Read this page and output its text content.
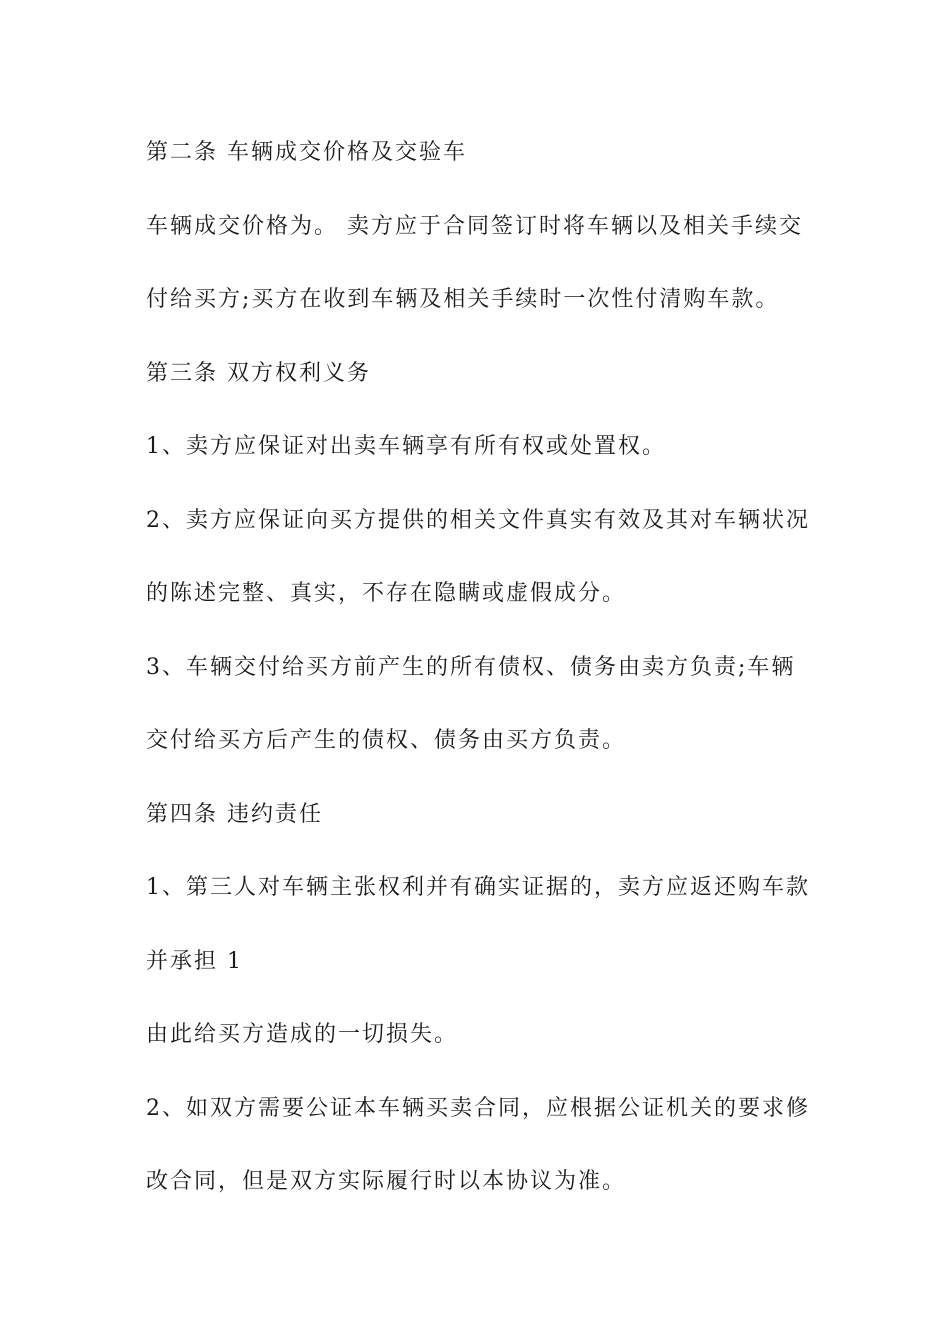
第二条 车辆成交价格及交验车
车辆成交价格为。 卖方应于合同签订时将车辆以及相关手续交
付给买方;买方在收到车辆及相关手续时一次性付清购车款。
第三条 双方权利义务
1、卖方应保证对出卖车辆享有所有权或处置权。
2、卖方应保证向买方提供的相关文件真实有效及其对车辆状况
的陈述完整、真实，不存在隐瞒或虚假成分。
3、车辆交付给买方前产生的所有债权、债务由卖方负责;车辆
交付给买方后产生的债权、债务由买方负责。
第四条 违约责任
1、第三人对车辆主张权利并有确实证据的，卖方应返还购车款
并承担 1
由此给买方造成的一切损失。
2、如双方需要公证本车辆买卖合同，应根据公证机关的要求修
改合同，但是双方实际履行时以本协议为准。
